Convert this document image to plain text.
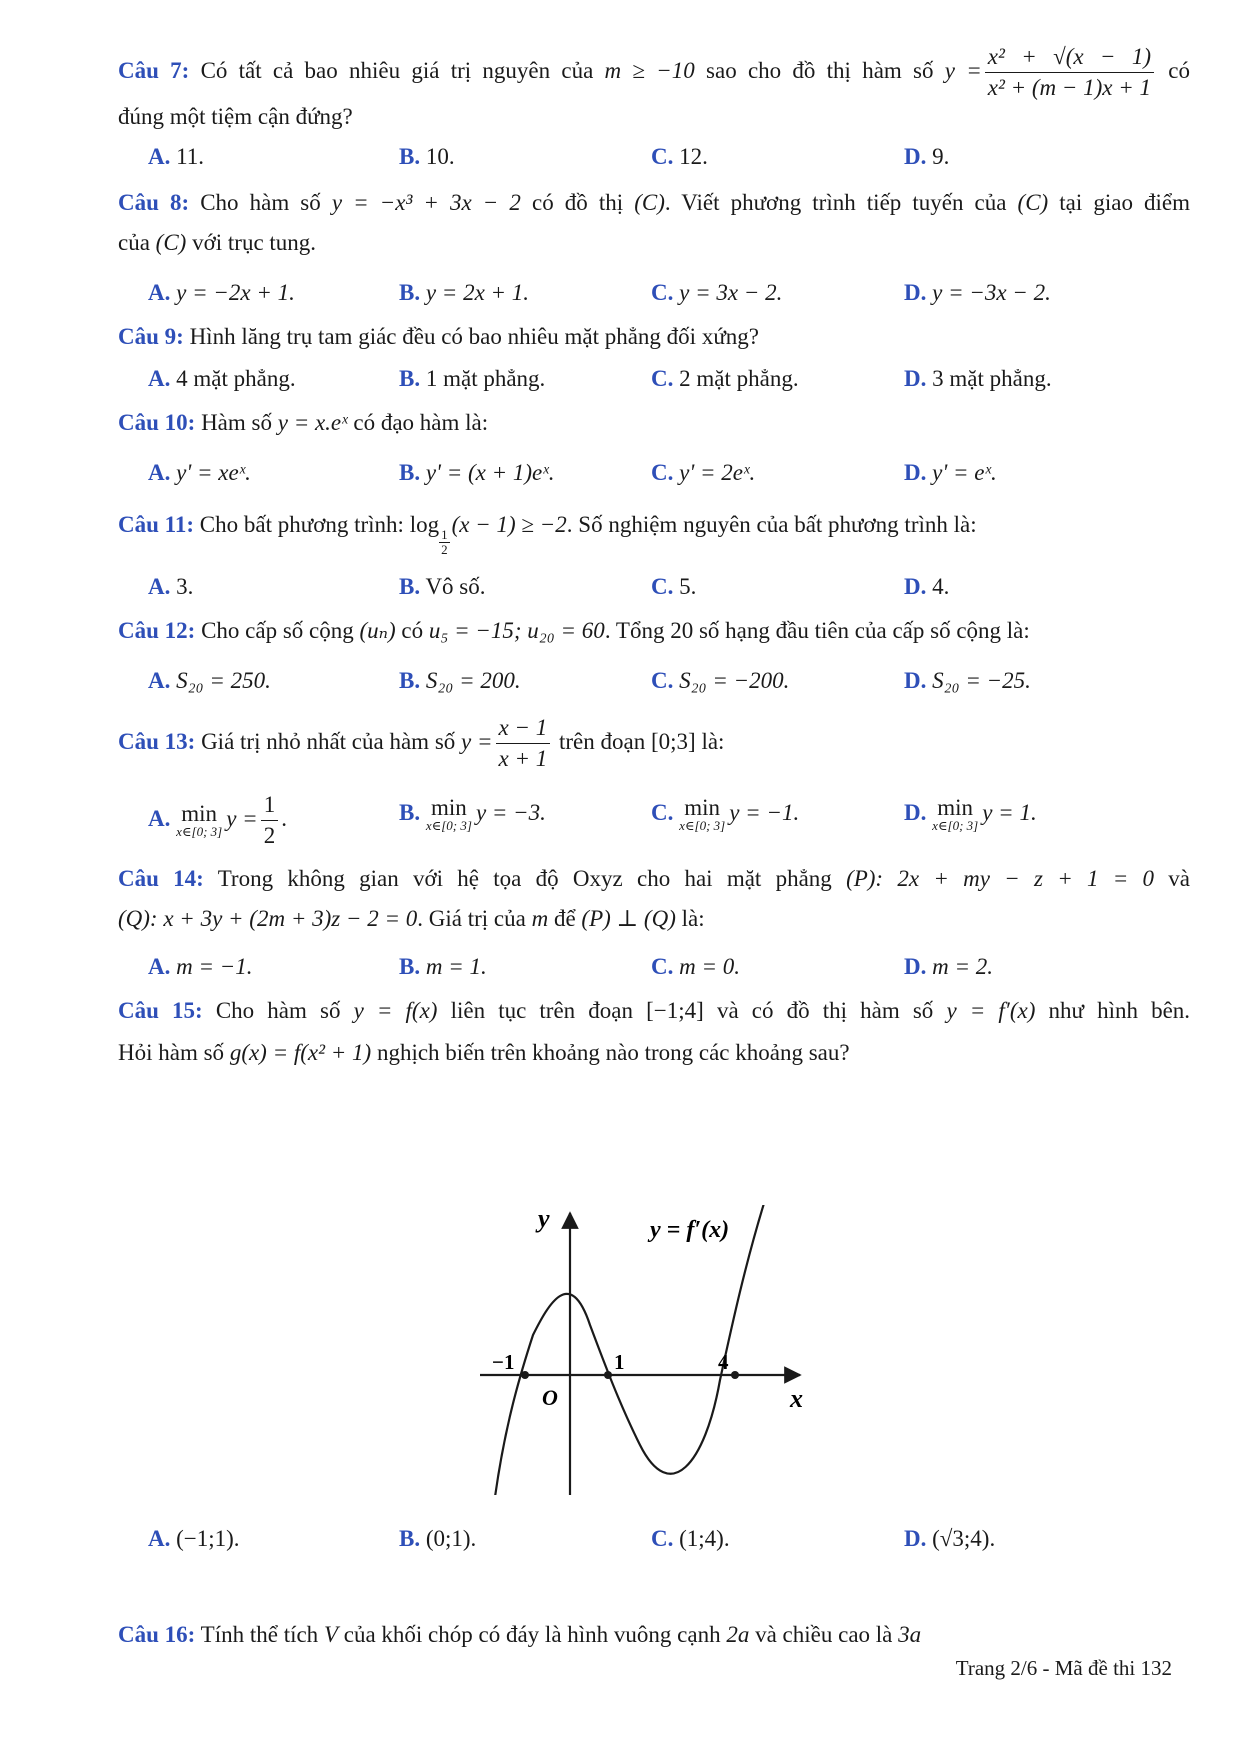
Câu 7: Có tất cả bao nhiêu giá trị nguyên của m ≥ −10 sao cho đồ thị hàm số $y = \frac{\text{x² + √(x − 1)}}{\text{x² + (m − 1)x + 1}}$ có
đúng một tiệm cận đứng?
A. 11.	B. 10.	C. 12.	D. 9.
Câu 8: Cho hàm số y = −x³ + 3x − 2 có đồ thị (C). Viết phương trình tiếp tuyến của (C) tại giao điểm
của (C) với trục tung.
A. y = −2x + 1.	B. y = 2x + 1.	C. y = 3x − 2.	D. y = −3x − 2.
Câu 9: Hình lăng trụ tam giác đều có bao nhiêu mặt phẳng đối xứng?
A. 4 mặt phẳng.	B. 1 mặt phẳng.	C. 2 mặt phẳng.	D. 3 mặt phẳng.
Câu 10: Hàm số y = x.eˣ có đạo hàm là:
A. y' = xeˣ.	B. y' = (x + 1)eˣ.	C. y' = 2eˣ.	D. y' = eˣ.
Câu 11: Cho bất phương trình: log
$\frac{1}{2}$
(x − 1) ≥ −2. Số nghiệm nguyên của bất phương trình là:
A. 3.	B. Vô số.	C. 5.	D. 4.
Câu 12: Cho cấp số cộng (uₙ) có u₅ = −15; u₂₀ = 60. Tổng 20 số hạng đầu tiên của cấp số cộng là:
A. S₂₀ = 250.	B. S₂₀ = 200.	C. S₂₀ = −200.	D. S₂₀ = −25.
Câu 13: Giá trị nhỏ nhất của hàm số $y = \frac{x - 1}{x + 1}$ trên đoạn [0;3] là:
A. min
x∈[0; 3]
$y = \frac{1}{2}$ .	B. min
x∈[0; 3]
y = −3.	C. min
x∈[0; 3]
y = −1.	D. min
x∈[0; 3]
y = 1.
Câu 14: Trong không gian với hệ tọa độ Oxyz cho hai mặt phẳng (P): 2x + my − z + 1 = 0 và
(Q): x + 3y + (2m + 3)z − 2 = 0. Giá trị của m để (P) ⊥ (Q) là:
A. m = −1.	B. m = 1.	C. m = 0.	D. m = 2.
Câu 15: Cho hàm số y = f(x) liên tục trên đoạn [−1;4] và có đồ thị hàm số y = f′(x) như hình bên.
Hỏi hàm số g(x) = f(x² + 1) nghịch biến trên khoảng nào trong các khoảng sau?
y	y = f′(x)
−1	1	4
O	x
A. (−1;1).	B. (0;1).	C. (1;4).	D. (√3;4).
Câu 16: Tính thể tích V của khối chóp có đáy là hình vuông cạnh 2a và chiều cao là 3a
Trang 2/6 - Mã đề thi 132
